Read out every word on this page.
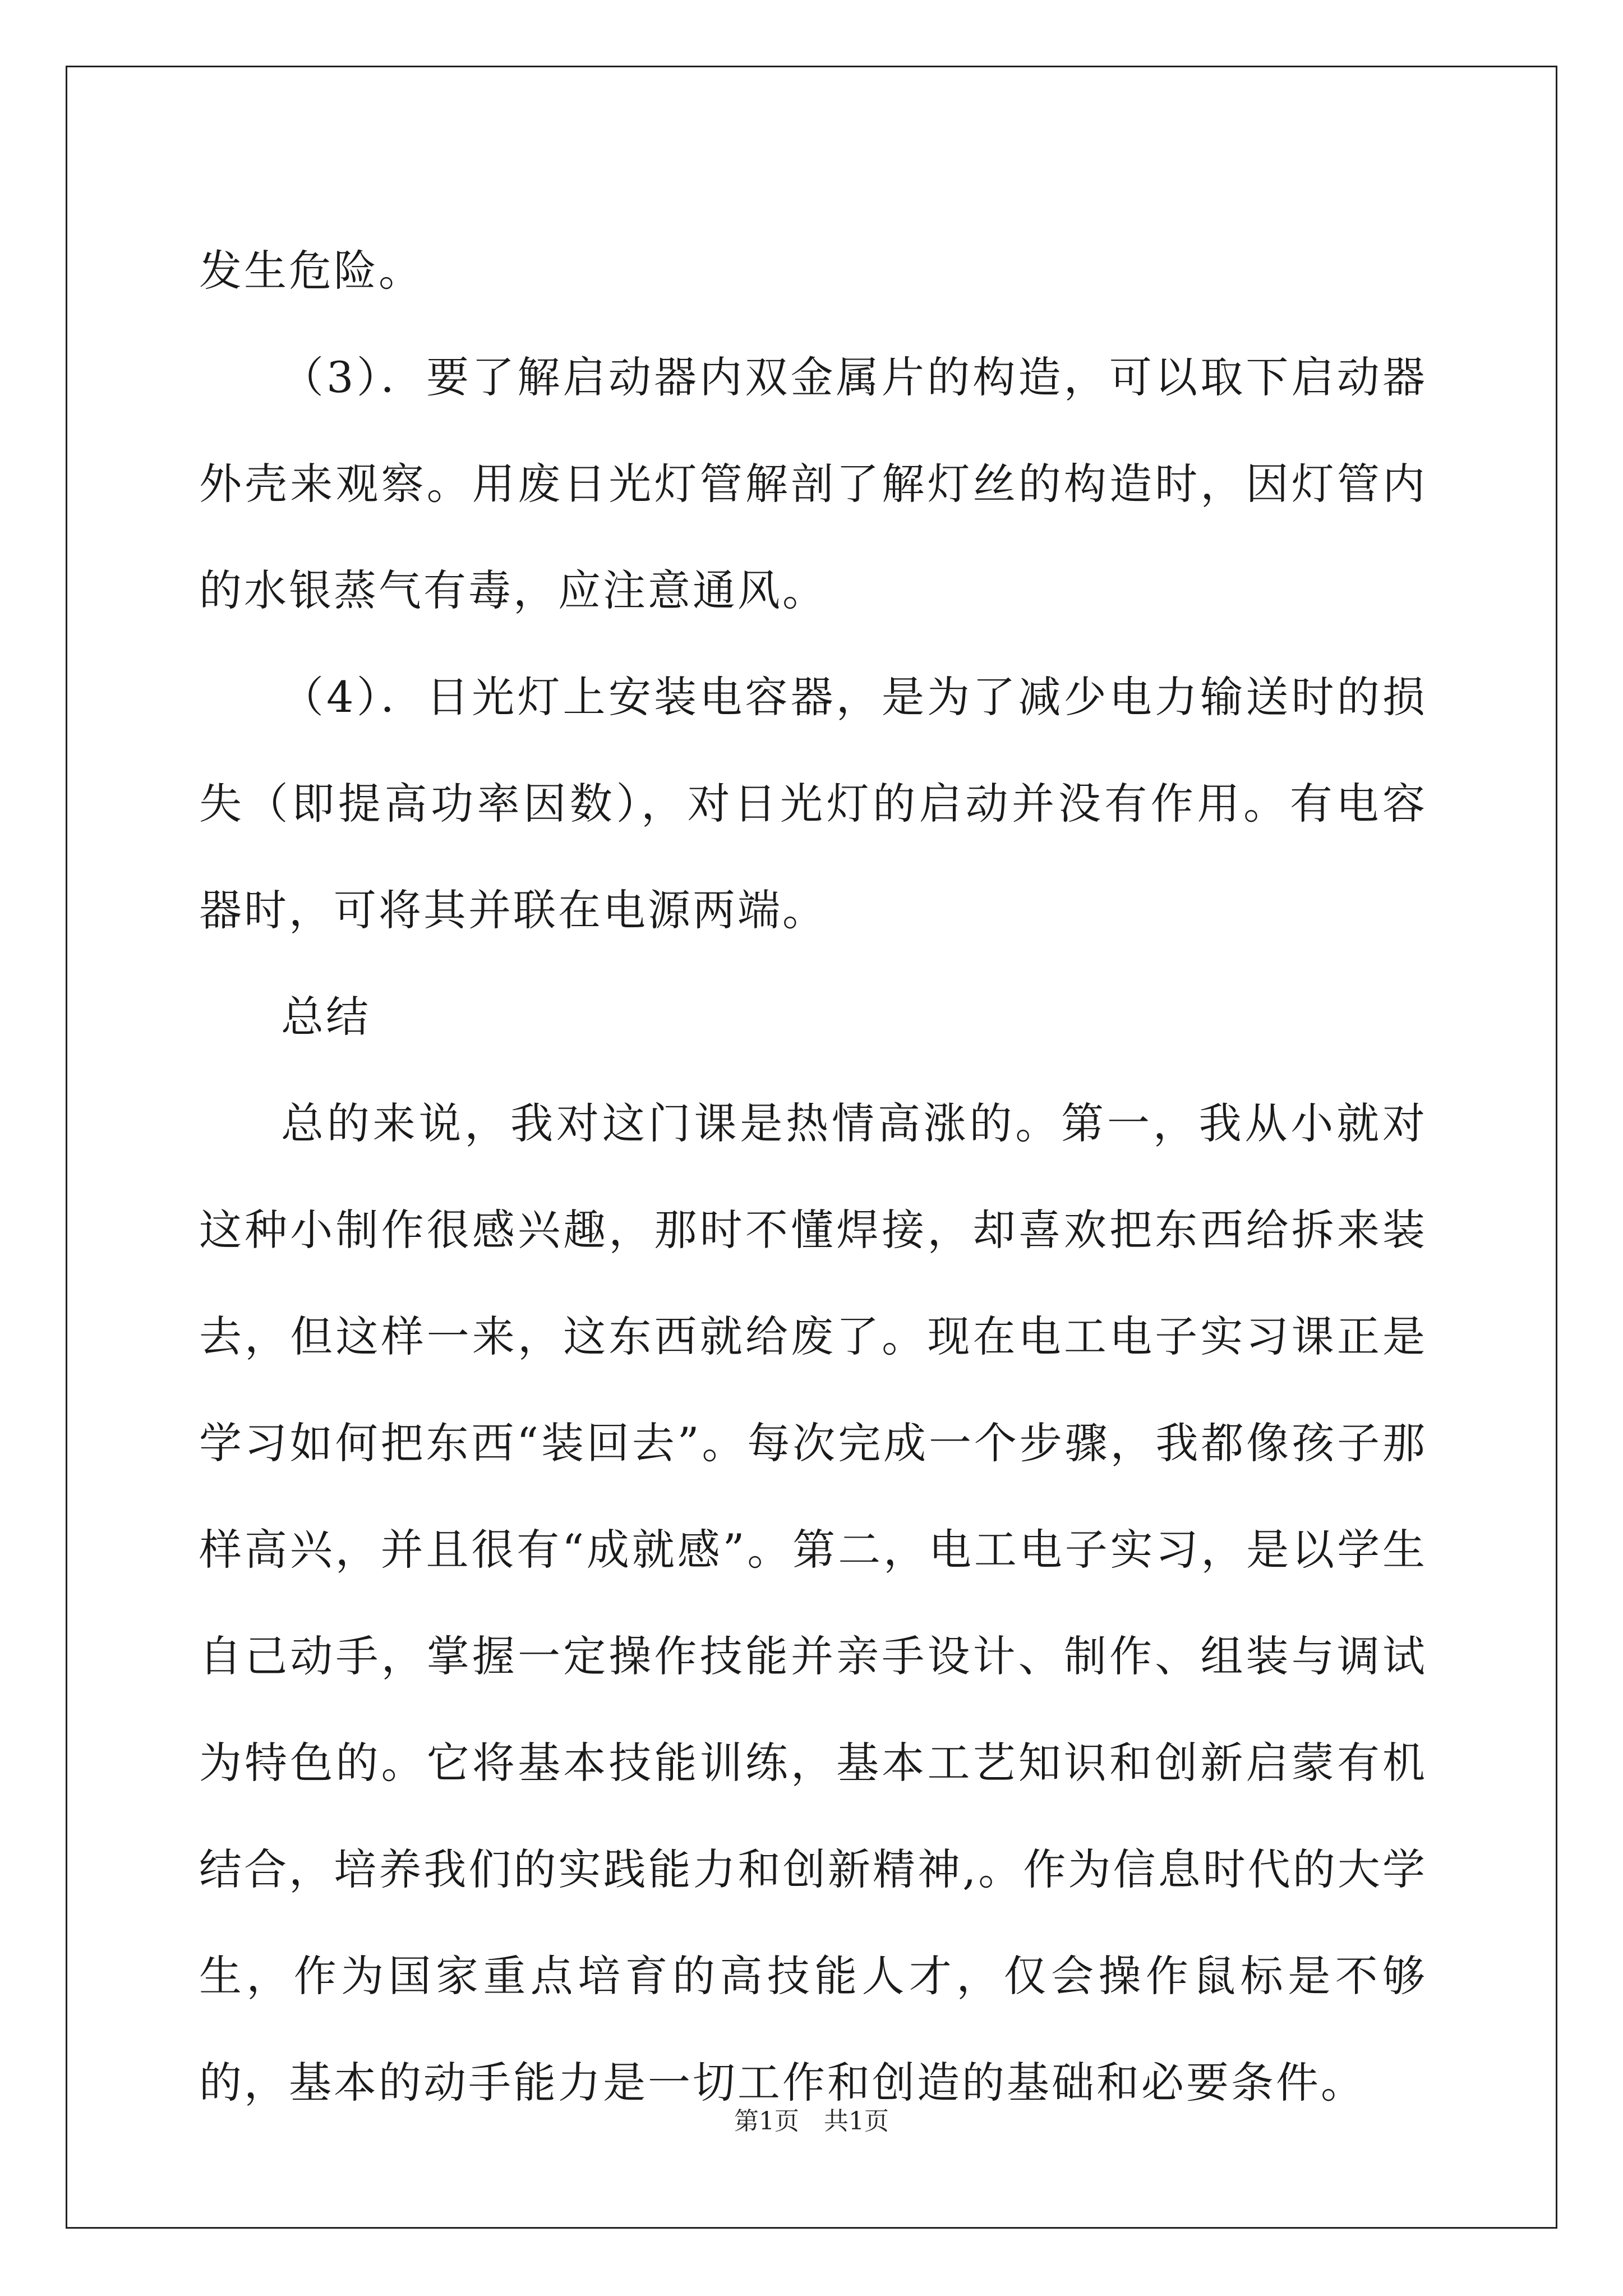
发生危险。

（3）．要了解启动器内双金属片的构造，可以取下启动器外壳来观察。用废日光灯管解剖了解灯丝的构造时，因灯管内的水银蒸气有毒，应注意通风。

（4）．日光灯上安装电容器，是为了减少电力输送时的损失（即提高功率因数），对日光灯的启动并没有作用。有电容器时，可将其并联在电源两端。

总结

总的来说，我对这门课是热情高涨的。第一，我从小就对这种小制作很感兴趣，那时不懂焊接，却喜欢把东西给拆来装去，但这样一来，这东西就给废了。现在电工电子实习课正是学习如何把东西“装回去”。每次完成一个步骤，我都像孩子那样高兴，并且很有“成就感”。第二，电工电子实习，是以学生自己动手，掌握一定操作技能并亲手设计、制作、组装与调试为特色的。它将基本技能训练，基本工艺知识和创新启蒙有机结合，培养我们的实践能力和创新精神,。作为信息时代的大学生，作为国家重点培育的高技能人才，仅会操作鼠标是不够的，基本的动手能力是一切工作和创造的基础和必要条件。

第1页　共1页
